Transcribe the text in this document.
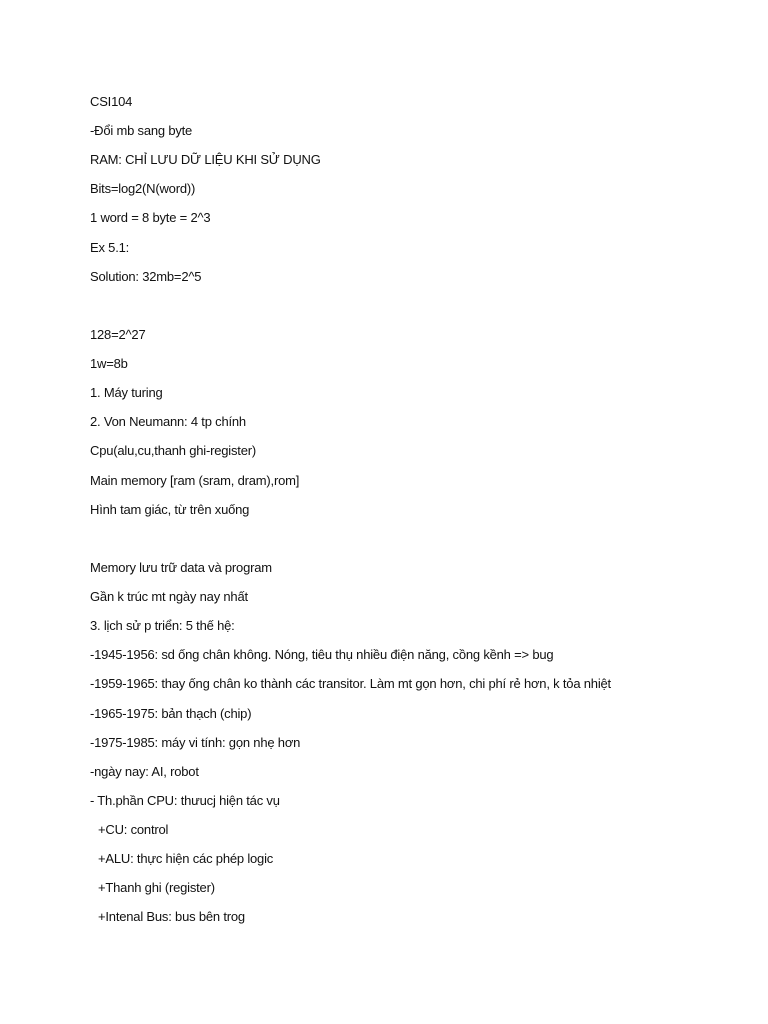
CSI104
-Đổi mb sang byte
RAM: CHỈ LƯU DỮ LIỆU KHI SỬ DỤNG
Bits=log2(N(word))
1 word = 8 byte = 2^3
Ex 5.1:
Solution: 32mb=2^5
128=2^27
1w=8b
1. Máy turing
2. Von Neumann: 4 tp chính
Cpu(alu,cu,thanh ghi-register)
Main memory [ram (sram, dram),rom]
Hình tam giác, từ trên xuống
Memory lưu trữ data và program
Gần k trúc mt ngày nay nhất
3. lịch sử p triển: 5 thế hệ:
-1945-1956: sd ống chân không. Nóng, tiêu thụ nhiều điện năng, cồng kềnh => bug
-1959-1965: thay ống chân ko thành các transitor. Làm mt gọn hơn, chi phí rẻ hơn, k tỏa nhiệt
-1965-1975: bản thạch (chip)
-1975-1985: máy vi tính: gọn nhẹ hơn
-ngày nay: AI, robot
- Th.phần CPU: thưucj hiện tác vụ
+CU: control
+ALU: thực hiện các phép logic
+Thanh ghi (register)
+Intenal Bus: bus bên trog
